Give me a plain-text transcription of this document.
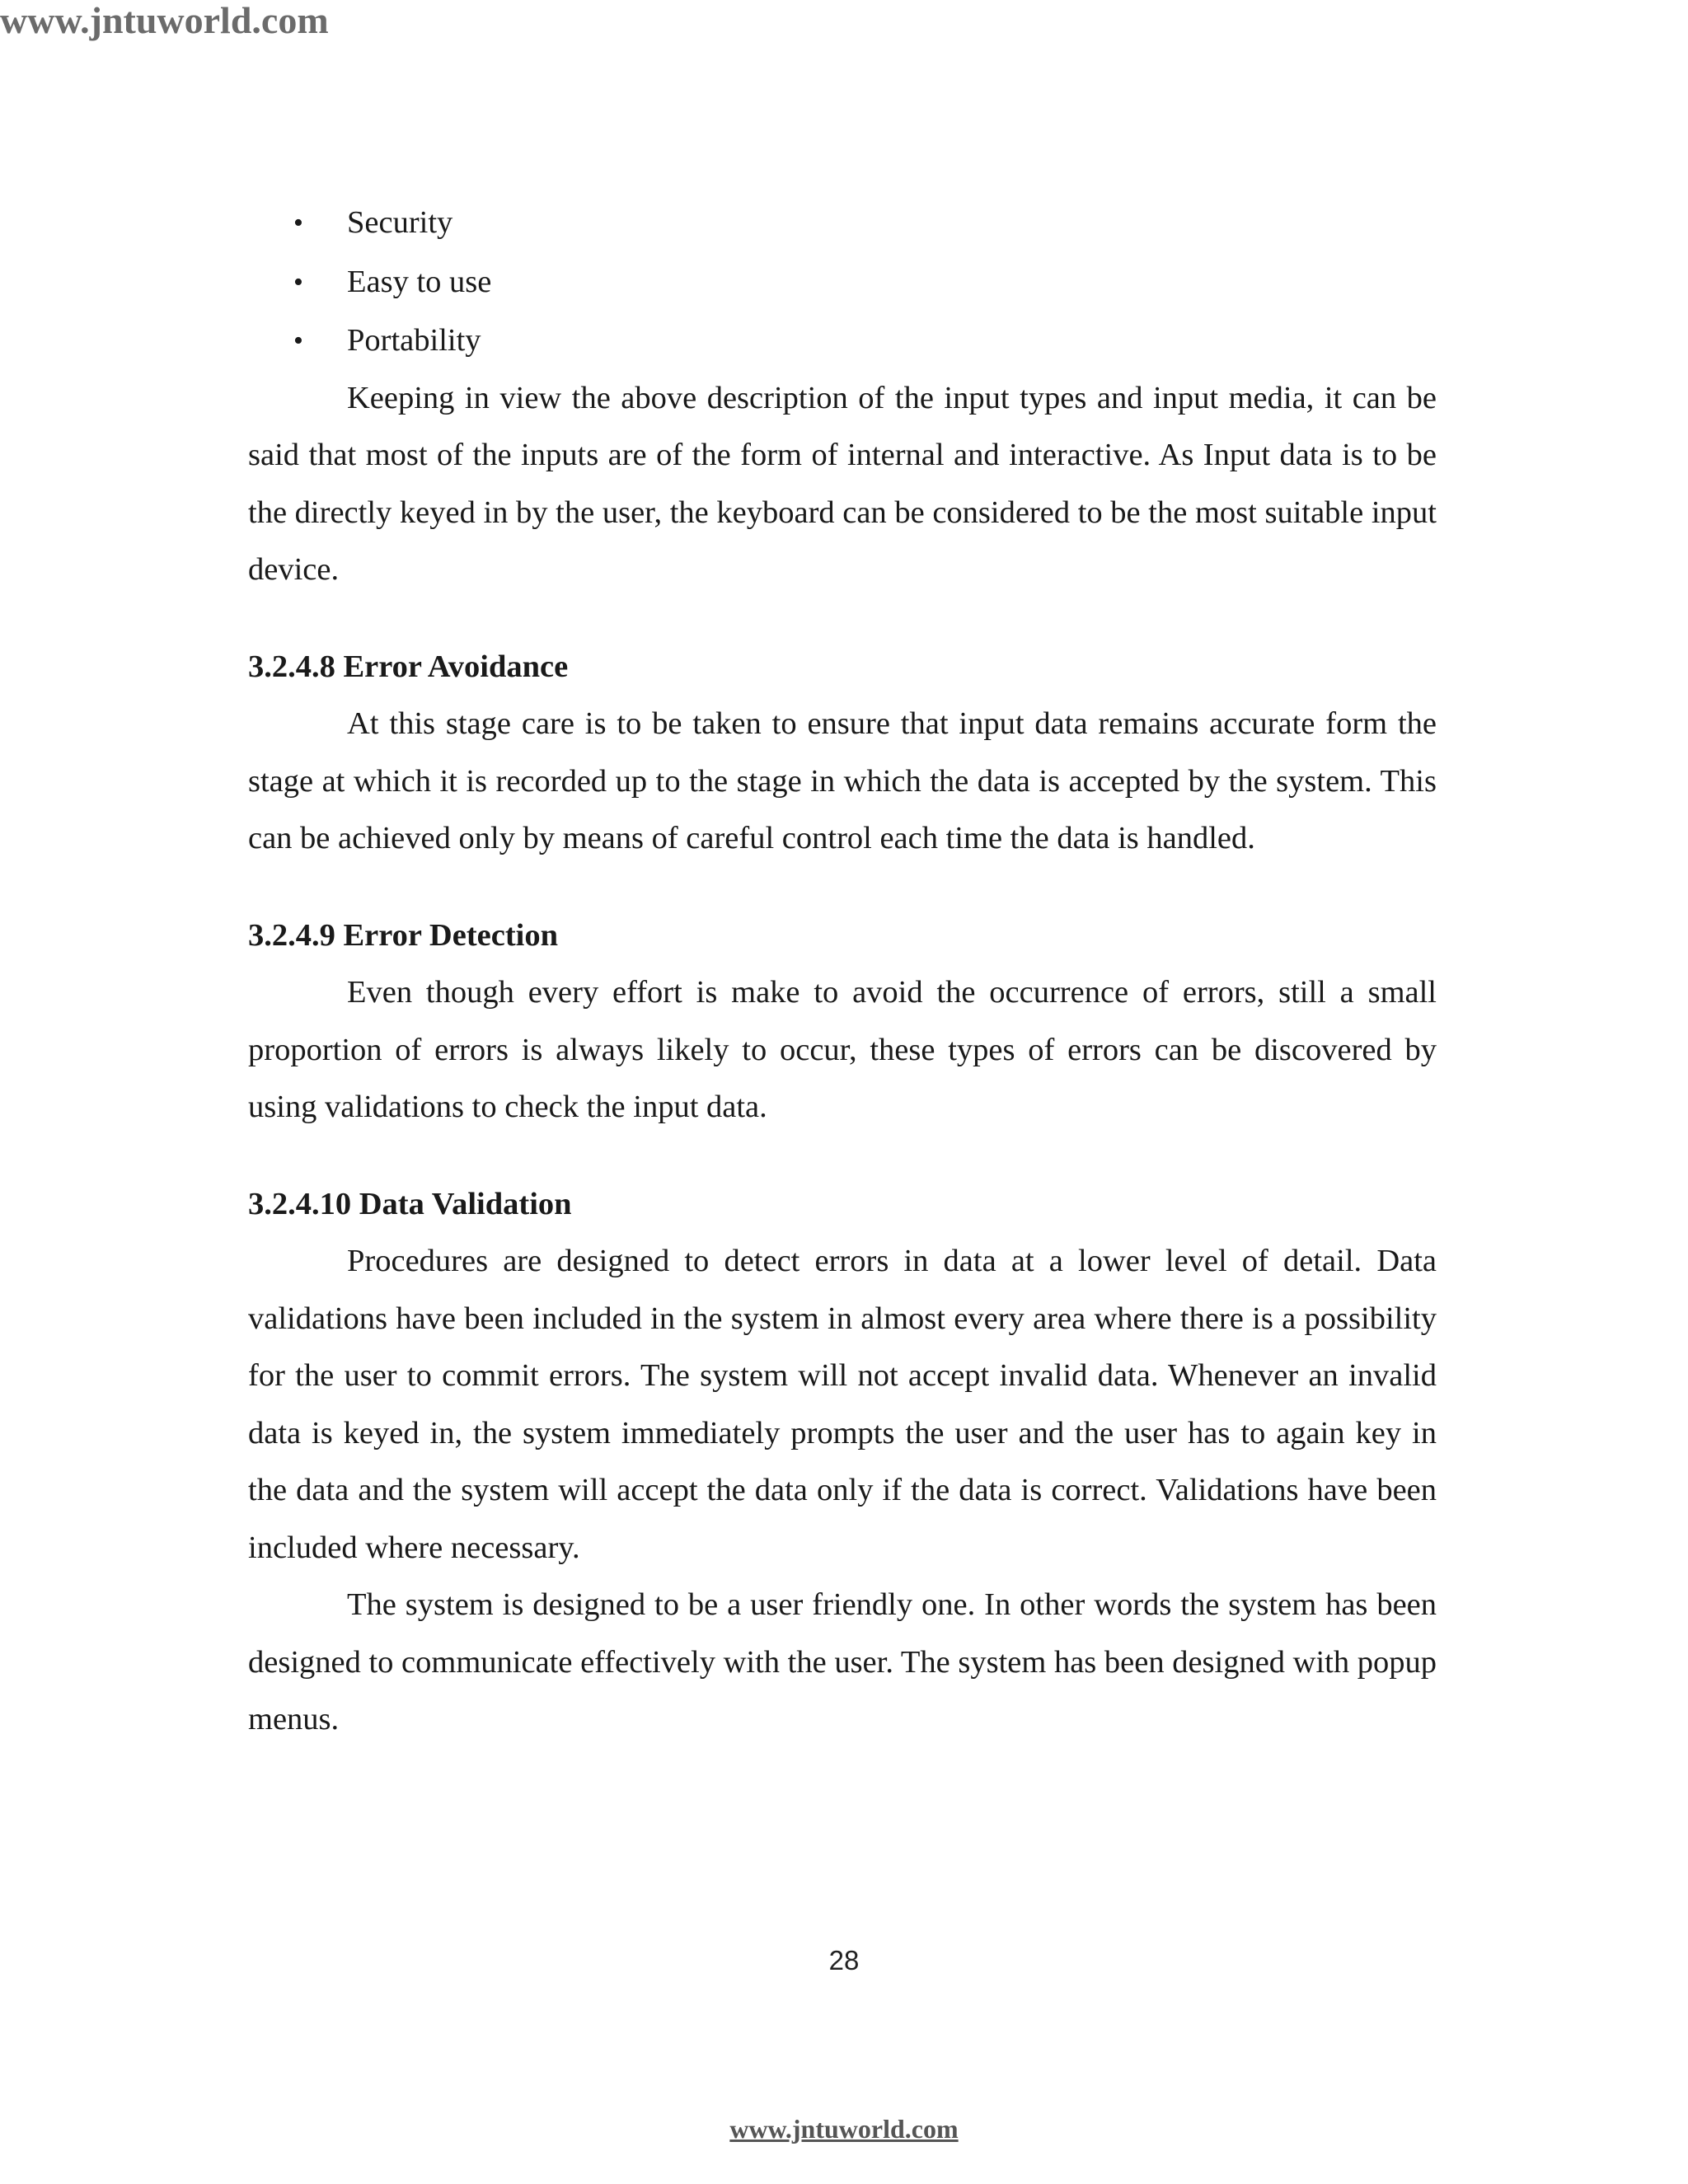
www.jntuworld.com
• Security
• Easy to use
• Portability

Keeping in view the above description of the input types and input media, it can be said that most of the inputs are of the form of internal and interactive. As Input data is to be the directly keyed in by the user, the keyboard can be considered to be the most suitable input device.

3.2.4.8 Error Avoidance

At this stage care is to be taken to ensure that input data remains accurate form the stage at which it is recorded up to the stage in which the data is accepted by the system. This can be achieved only by means of careful control each time the data is handled.

3.2.4.9 Error Detection

Even though every effort is make to avoid the occurrence of errors, still a small proportion of errors is always likely to occur, these types of errors can be discovered by using validations to check the input data.

3.2.4.10 Data Validation

Procedures are designed to detect errors in data at a lower level of detail. Data validations have been included in the system in almost every area where there is a possibility for the user to commit errors. The system will not accept invalid data. Whenever an invalid data is keyed in, the system immediately prompts the user and the user has to again key in the data and the system will accept the data only if the data is correct. Validations have been included where necessary.

The system is designed to be a user friendly one. In other words the system has been designed to communicate effectively with the user. The system has been designed with popup menus.

28
www.jntuworld.com
